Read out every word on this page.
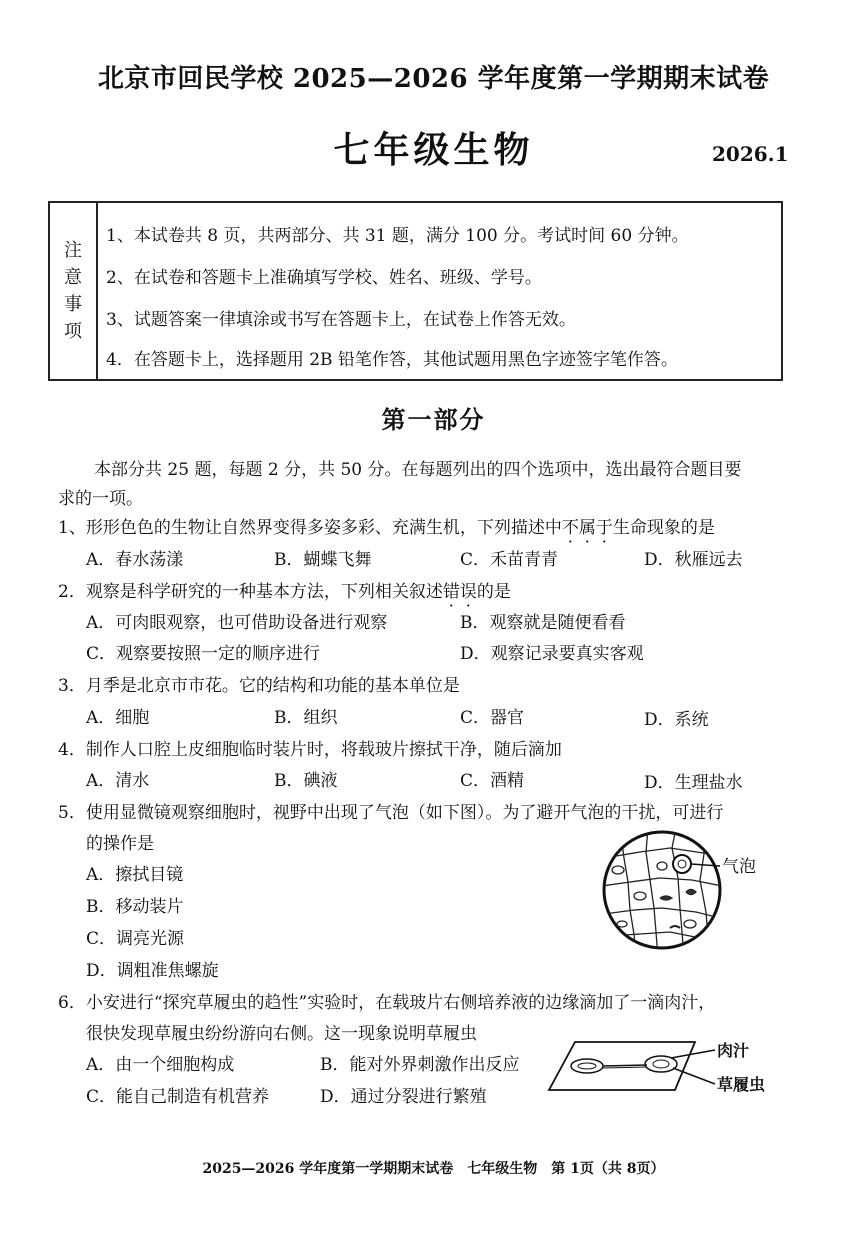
北京市回民学校 2025—2026 学年度第一学期期末试卷
七年级生物	2026.1
注
意
事
项
1、本试卷共 8 页，共两部分、共 31 题，满分 100 分。考试时间 60 分钟。
2、在试卷和答题卡上准确填写学校、姓名、班级、学号。
3、试题答案一律填涂或书写在答题卡上，在试卷上作答无效。
4．在答题卡上，选择题用 2B 铅笔作答，其他试题用黑色字迹签字笔作答。
第一部分
本部分共 25 题，每题 2 分，共 50 分。在每题列出的四个选项中，选出最符合题目要
求的一项。
1、形形色色的生物让自然界变得多姿多彩、充满生机，下列描述中不属于生命现象的是
A．春水荡漾	B．蝴蝶飞舞	C．禾苗青青	D．秋雁远去
2．观察是科学研究的一种基本方法，下列相关叙述错误的是
A．可肉眼观察，也可借助设备进行观察	B．观察就是随便看看
C．观察要按照一定的顺序进行	D．观察记录要真实客观
3．月季是北京市市花。它的结构和功能的基本单位是
A．细胞	B．组织	C．器官	D．系统
4．制作人口腔上皮细胞临时装片时，将载玻片擦拭干净，随后滴加
A．清水	B．碘液	C．酒精	D．生理盐水
5．使用显微镜观察细胞时，视野中出现了气泡（如下图）。为了避开气泡的干扰，可进行
的操作是
A．擦拭目镜
B．移动装片
C．调亮光源
D．调粗准焦螺旋
气泡
6．小安进行“探究草履虫的趋性”实验时，在载玻片右侧培养液的边缘滴加了一滴肉汁，
很快发现草履虫纷纷游向右侧。这一现象说明草履虫
A．由一个细胞构成	B．能对外界刺激作出反应
C．能自己制造有机营养	D．通过分裂进行繁殖
肉汁
草履虫
2025—2026 学年度第一学期期末试卷　七年级生物　第 1页（共 8页）
